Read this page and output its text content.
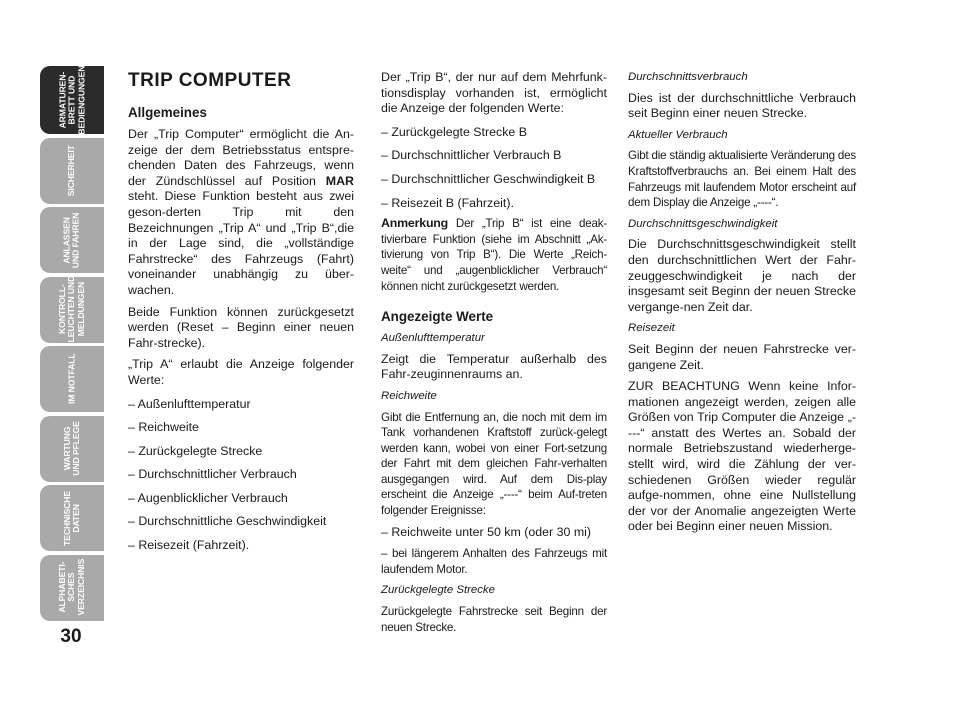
ARMATUREN-
BRETT UND
BEDIENGUNGEN
SICHERHEIT
ANLASSEN
UND FAHREN
KONTROLL-
LEUCHTEN UND
MELDUNGEN
IM NOTFALL
WARTUNG
UND PFLEGE
TECHNISCHE
DATEN
ALPHABETI-
SCHES
VERZEICHNIS
30
TRIP COMPUTER
Allgemeines

Der „Trip Computer“ ermöglicht die An-zeige der dem Betriebsstatus entspre-chenden Daten des Fahrzeugs, wenn der Zündschlüssel auf Position MAR steht. Diese Funktion besteht aus zwei geson-derten Trip mit den Bezeichnungen „Trip A“ und „Trip B“,die in der Lage sind, die „vollständige Fahrstrecke“ des Fahrzeugs (Fahrt) voneinander unabhängig zu über-wachen.

Beide Funktion können zurückgesetzt werden (Reset – Beginn einer neuen Fahr-strecke).

„Trip A“ erlaubt die Anzeige folgender Werte:

– Außenlufttemperatur
– Reichweite
– Zurückgelegte Strecke
– Durchschnittlicher Verbrauch
– Augenblicklicher Verbrauch
– Durchschnittliche Geschwindigkeit
– Reisezeit (Fahrzeit).

Der „Trip B“, der nur auf dem Mehrfunk-tionsdisplay vorhanden ist, ermöglicht die Anzeige der folgenden Werte:

– Zurückgelegte Strecke B
– Durchschnittlicher Verbrauch B
– Durchschnittlicher Geschwindigkeit B
– Reisezeit B (Fahrzeit).

Anmerkung Der „Trip B“ ist eine deak-tivierbare Funktion (siehe im Abschnitt „Ak-tivierung von Trip B“). Die Werte „Reich-weite“ und „augenblicklicher Verbrauch“ können nicht zurückgesetzt werden.

Angezeigte Werte

Außenlufttemperatur

Zeigt die Temperatur außerhalb des Fahr-zeuginnenraums an.

Reichweite

Gibt die Entfernung an, die noch mit dem im Tank vorhandenen Kraftstoff zurück-gelegt werden kann, wobei von einer Fort-setzung der Fahrt mit dem gleichen Fahr-verhalten ausgegangen wird. Auf dem Dis-play erscheint die Anzeige „----“ beim Auf-treten folgender Ereignisse:

– Reichweite unter 50 km (oder 30 mi)

– bei längerem Anhalten des Fahrzeugs mit laufendem Motor.

Zurückgelegte Strecke

Zurückgelegte Fahrstrecke seit Beginn der neuen Strecke.

Durchschnittsverbrauch

Dies ist der durchschnittliche Verbrauch seit Beginn einer neuen Strecke.

Aktueller Verbrauch

Gibt die ständig aktualisierte Veränderung des Kraftstoffverbrauchs an. Bei einem Halt des Fahrzeugs mit laufendem Motor erscheint auf dem Display die Anzeige „----“.

Durchschnittsgeschwindigkeit

Die Durchschnittsgeschwindigkeit stellt den durchschnittlichen Wert der Fahr-zeuggeschwindigkeit je nach der insgesamt seit Beginn der neuen Strecke vergange-nen Zeit dar.

Reisezeit

Seit Beginn der neuen Fahrstrecke ver-gangene Zeit.

ZUR BEACHTUNG Wenn keine Infor-mationen angezeigt werden, zeigen alle Größen von Trip Computer die Anzeige „----“ anstatt des Wertes an. Sobald der normale Betriebszustand wiederherge-stellt wird, wird die Zählung der ver-schiedenen Größen wieder regulär aufge-nommen, ohne eine Nullstellung der vor der Anomalie angezeigten Werte oder bei Beginn einer neuen Mission.
